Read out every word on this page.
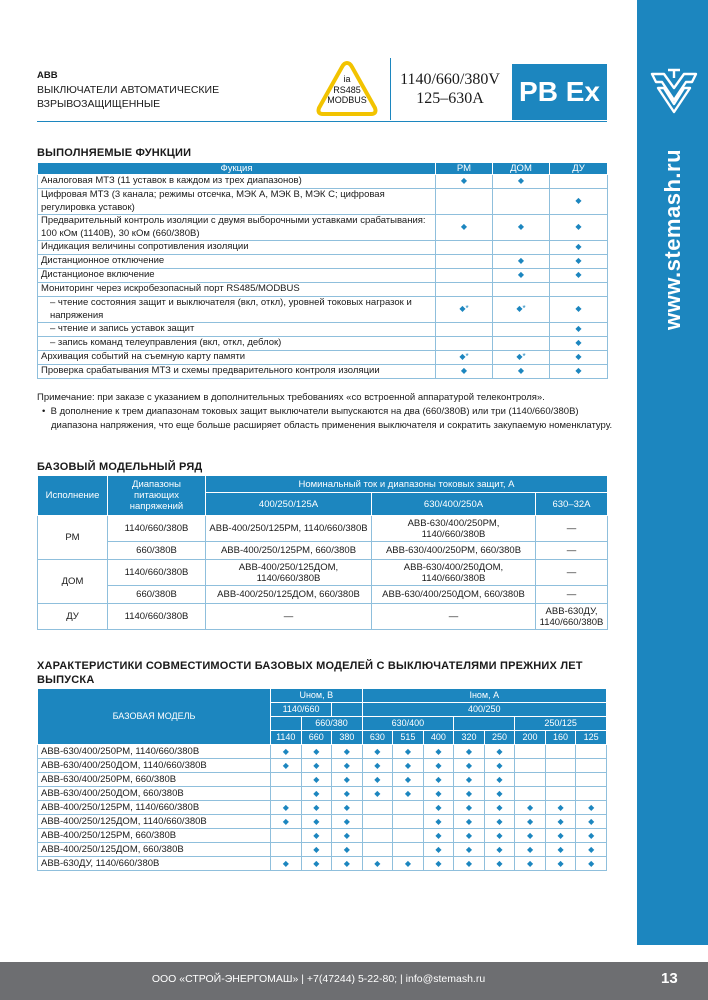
www.stemash.ru
АВВ
ВЫКЛЮЧАТЕЛИ АВТОМАТИЧЕСКИЕ
ВЗРЫВОЗАЩИЩЕННЫЕ
ia
RS485
MODBUS
1140/660/380V
125–630A	PB Ex
ВЫПОЛНЯЕМЫЕ ФУНКЦИИ
Фукция	РМ	ДОМ	ДУ
Аналоговая МТЗ (11 уставок в каждом из трех диапазонов)	◆	◆	
Цифровая МТЗ (3 канала; режимы отсечка, МЭК А, МЭК В, МЭК С; цифровая регулировка уставок)			◆
Предварительный контроль изоляции с двумя выборочными уставками срабатывания: 100 кОм (1140В), 30 кОм (660/380В)	◆	◆	◆
Индикация величины сопротивления изоляции			◆
Дистанционное отключение		◆	◆
Дистанционое включение		◆	◆
Мониторинг через искробезопасный порт RS485/MODBUS			
– чтение состояния защит и выключателя (вкл, откл), уровней токовых награзок и напряжения	◆*	◆*	◆
– чтение и запись уставок защит			◆
– запись команд телеуправления (вкл, откл, деблок)			◆
Архивация событий на съемную карту памяти	◆*	◆*	◆
Проверка срабатывания МТЗ и схемы предварительного контроля изоляции	◆	◆	◆
Примечание: при заказе с указанием в дополнительных требованиях «со встроенной аппаратурой телеконтроля».
• В дополнение к трем диапазонам токовых защит выключатели выпускаются на два (660/380В) или три (1140/660/380В) диапазона напряжения, что еще больше расширяет область применения выключателя и сократить закупаемую номенклатуру.
БАЗОВЫЙ МОДЕЛЬНЫЙ РЯД
Исполнение	Диапазоны питающих напряжений	Номинальный ток и диапазоны токовых защит, А		
		400/250/125А	630/400/250А	630–32А
РМ	1140/660/380В	АВВ-400/250/125РМ, 1140/660/380В	АВВ-630/400/250РМ, 1140/660/380В	—
	660/380В	АВВ-400/250/125РМ, 660/380В	АВВ-630/400/250РМ, 660/380В	—
ДОМ	1140/660/380В	АВВ-400/250/125ДОМ, 1140/660/380В	АВВ-630/400/250ДОМ, 1140/660/380В	—
	660/380В	АВВ-400/250/125ДОМ, 660/380В	АВВ-630/400/250ДОМ, 660/380В	—
ДУ	1140/660/380В	—	—	АВВ-630ДУ, 1140/660/380В
ХАРАКТЕРИСТИКИ СОВМЕСТИМОСТИ БАЗОВЫХ МОДЕЛЕЙ С ВЫКЛЮЧАТЕЛЯМИ ПРЕЖНИХ ЛЕТ
ВЫПУСКА
БАЗОВАЯ МОДЕЛЬ	Uном, В			Iном, А							
	1140/660			400/250							
		660/380		630/400					250/125		
	1140	660	380	630	515	400	320	250	200	160	125
АВВ-630/400/250РМ, 1140/660/380В	◆	◆	◆	◆	◆	◆	◆	◆			
АВВ-630/400/250ДОМ, 1140/660/380В	◆	◆	◆	◆	◆	◆	◆	◆			
АВВ-630/400/250РМ, 660/380В		◆	◆	◆	◆	◆	◆	◆			
АВВ-630/400/250ДОМ, 660/380В		◆	◆	◆	◆	◆	◆	◆			
АВВ-400/250/125РМ, 1140/660/380В	◆	◆	◆			◆	◆	◆	◆	◆	◆
АВВ-400/250/125ДОМ, 1140/660/380В	◆	◆	◆			◆	◆	◆	◆	◆	◆
АВВ-400/250/125РМ, 660/380В		◆	◆			◆	◆	◆	◆	◆	◆
АВВ-400/250/125ДОМ, 660/380В		◆	◆			◆	◆	◆	◆	◆	◆
АВВ-630ДУ, 1140/660/380В	◆	◆	◆	◆	◆	◆	◆	◆	◆	◆	◆
ООО «СТРОЙ-ЭНЕРГОМАШ» | +7(47244) 5-22-80; | info@stemash.ru	13
